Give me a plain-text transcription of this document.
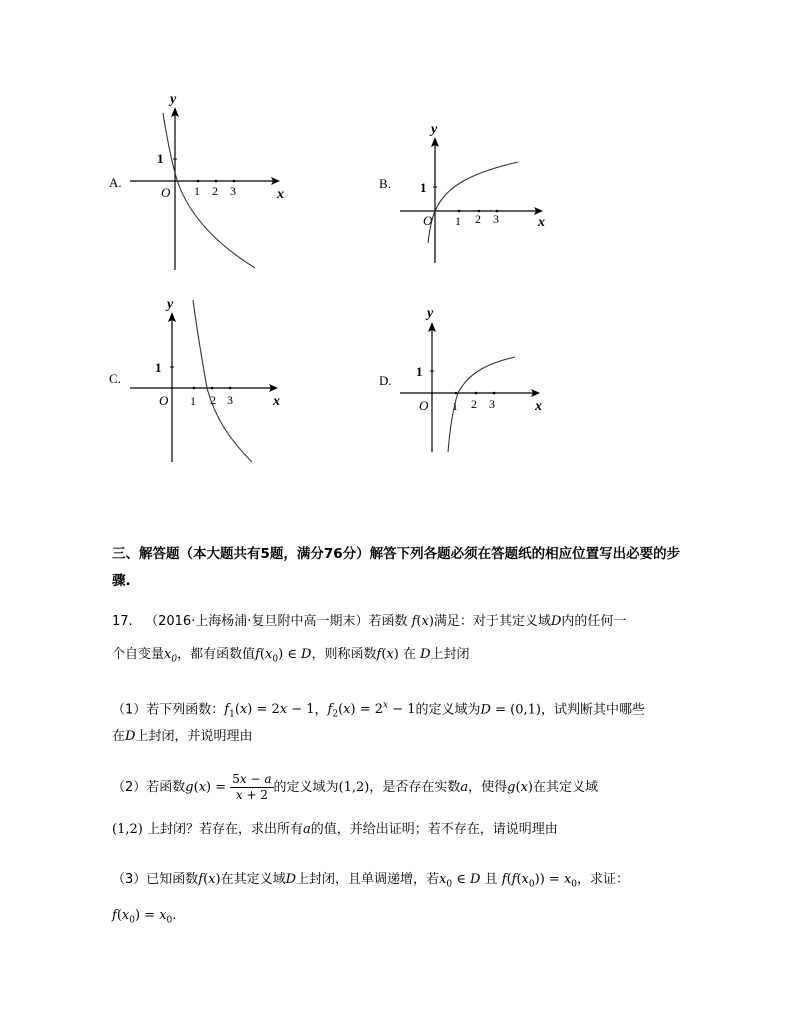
y
x
O
1
1 2 3
A.
y
x
O
1
1 2 3
B.
y
x
O
1
1 2 3
C.
y
x
O
1
1 2 3
D.
三、解答题（本大题共有5题，满分76分）解答下列各题必须在答题纸的相应位置写出必要的步骤.
17. （2016·上海杨浦·复旦附中高一期末）若函数 f(x)满足：对于其定义域D内的任何一
个自变量$x_0$，都有函数值$f(x_0)$ ∈ D，则称函数f(x) 在 D上封闭
（1）若下列函数：$f_1(x) = 2x - 1$，$f_2(x) = 2^x - 1$的定义域为D = (0,1)，试判断其中哪些
在D上封闭，并说明理由
（2）若函数$g(x) = \frac{5x - a}{x + 2}$ 的定义域为(1,2)，是否存在实数a，使得g(x)在其定义域
(1,2) 上封闭？若存在，求出所有a的值，并给出证明；若不存在，请说明理由
（3）已知函数f(x)在其定义域D上封闭，且单调递增，若$x_0$ ∈ D 且 $f(f(x_0)) = x_0$，求证：
$f(x_0) = x_0$.
